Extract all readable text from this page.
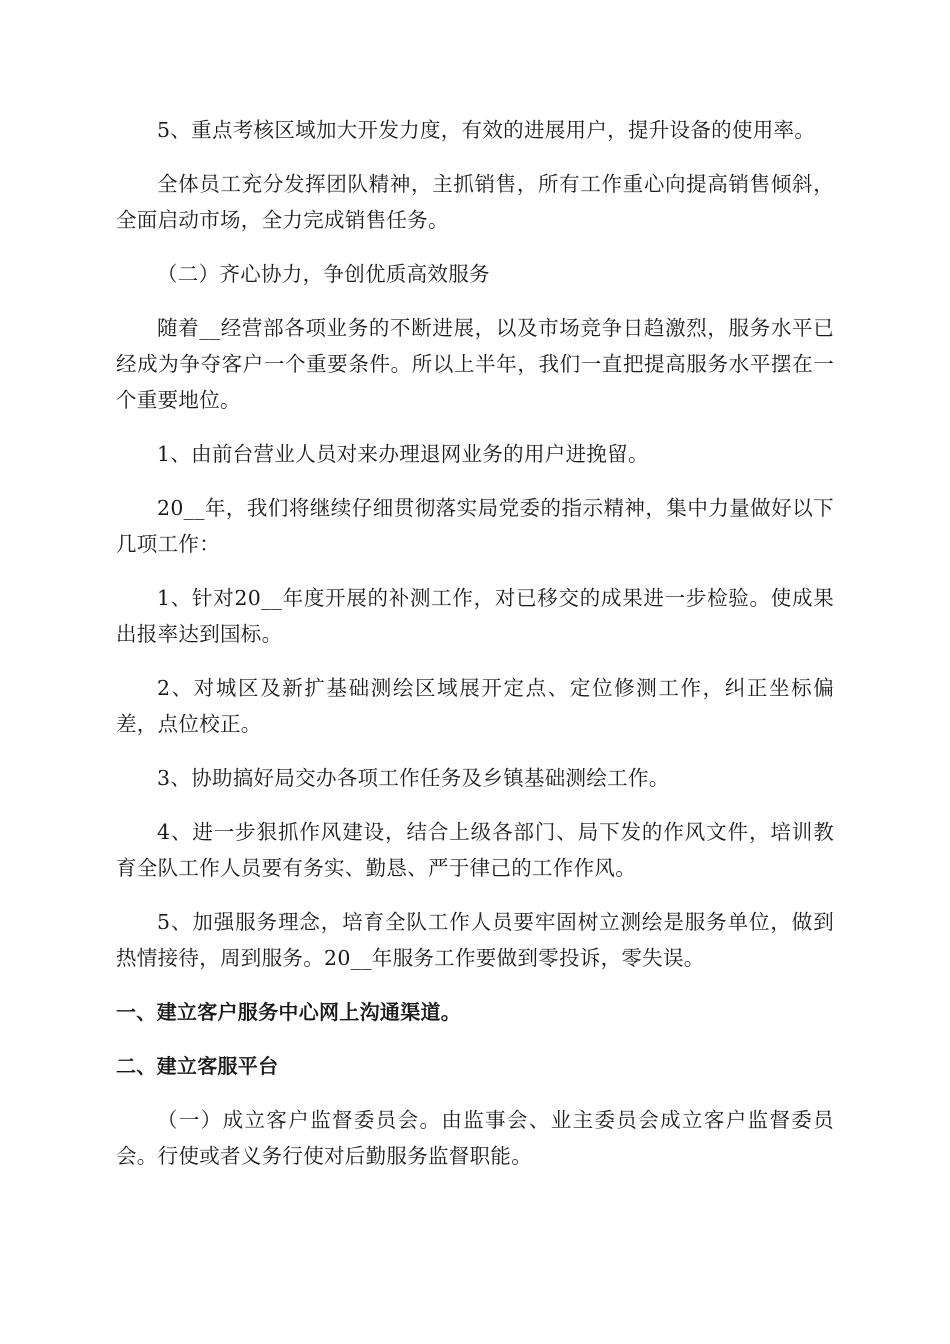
5、重点考核区域加大开发力度，有效的进展用户，提升设备的使用率。

全体员工充分发挥团队精神，主抓销售，所有工作重心向提高销售倾斜，全面启动市场，全力完成销售任务。

（二）齐心协力，争创优质高效服务

随着__经营部各项业务的不断进展，以及市场竞争日趋激烈，服务水平已经成为争夺客户一个重要条件。所以上半年，我们一直把提高服务水平摆在一个重要地位。

1、由前台营业人员对来办理退网业务的用户进挽留。

20__年，我们将继续仔细贯彻落实局党委的指示精神，集中力量做好以下几项工作：

1、针对20__年度开展的补测工作，对已移交的成果进一步检验。使成果出报率达到国标。

2、对城区及新扩基础测绘区域展开定点、定位修测工作，纠正坐标偏差，点位校正。

3、协助搞好局交办各项工作任务及乡镇基础测绘工作。

4、进一步狠抓作风建设，结合上级各部门、局下发的作风文件，培训教育全队工作人员要有务实、勤恳、严于律己的工作作风。

5、加强服务理念，培育全队工作人员要牢固树立测绘是服务单位，做到热情接待，周到服务。20__年服务工作要做到零投诉，零失误。

一、建立客户服务中心网上沟通渠道。

二、建立客服平台

（一）成立客户监督委员会。由监事会、业主委员会成立客户监督委员会。行使或者义务行使对后勤服务监督职能。
